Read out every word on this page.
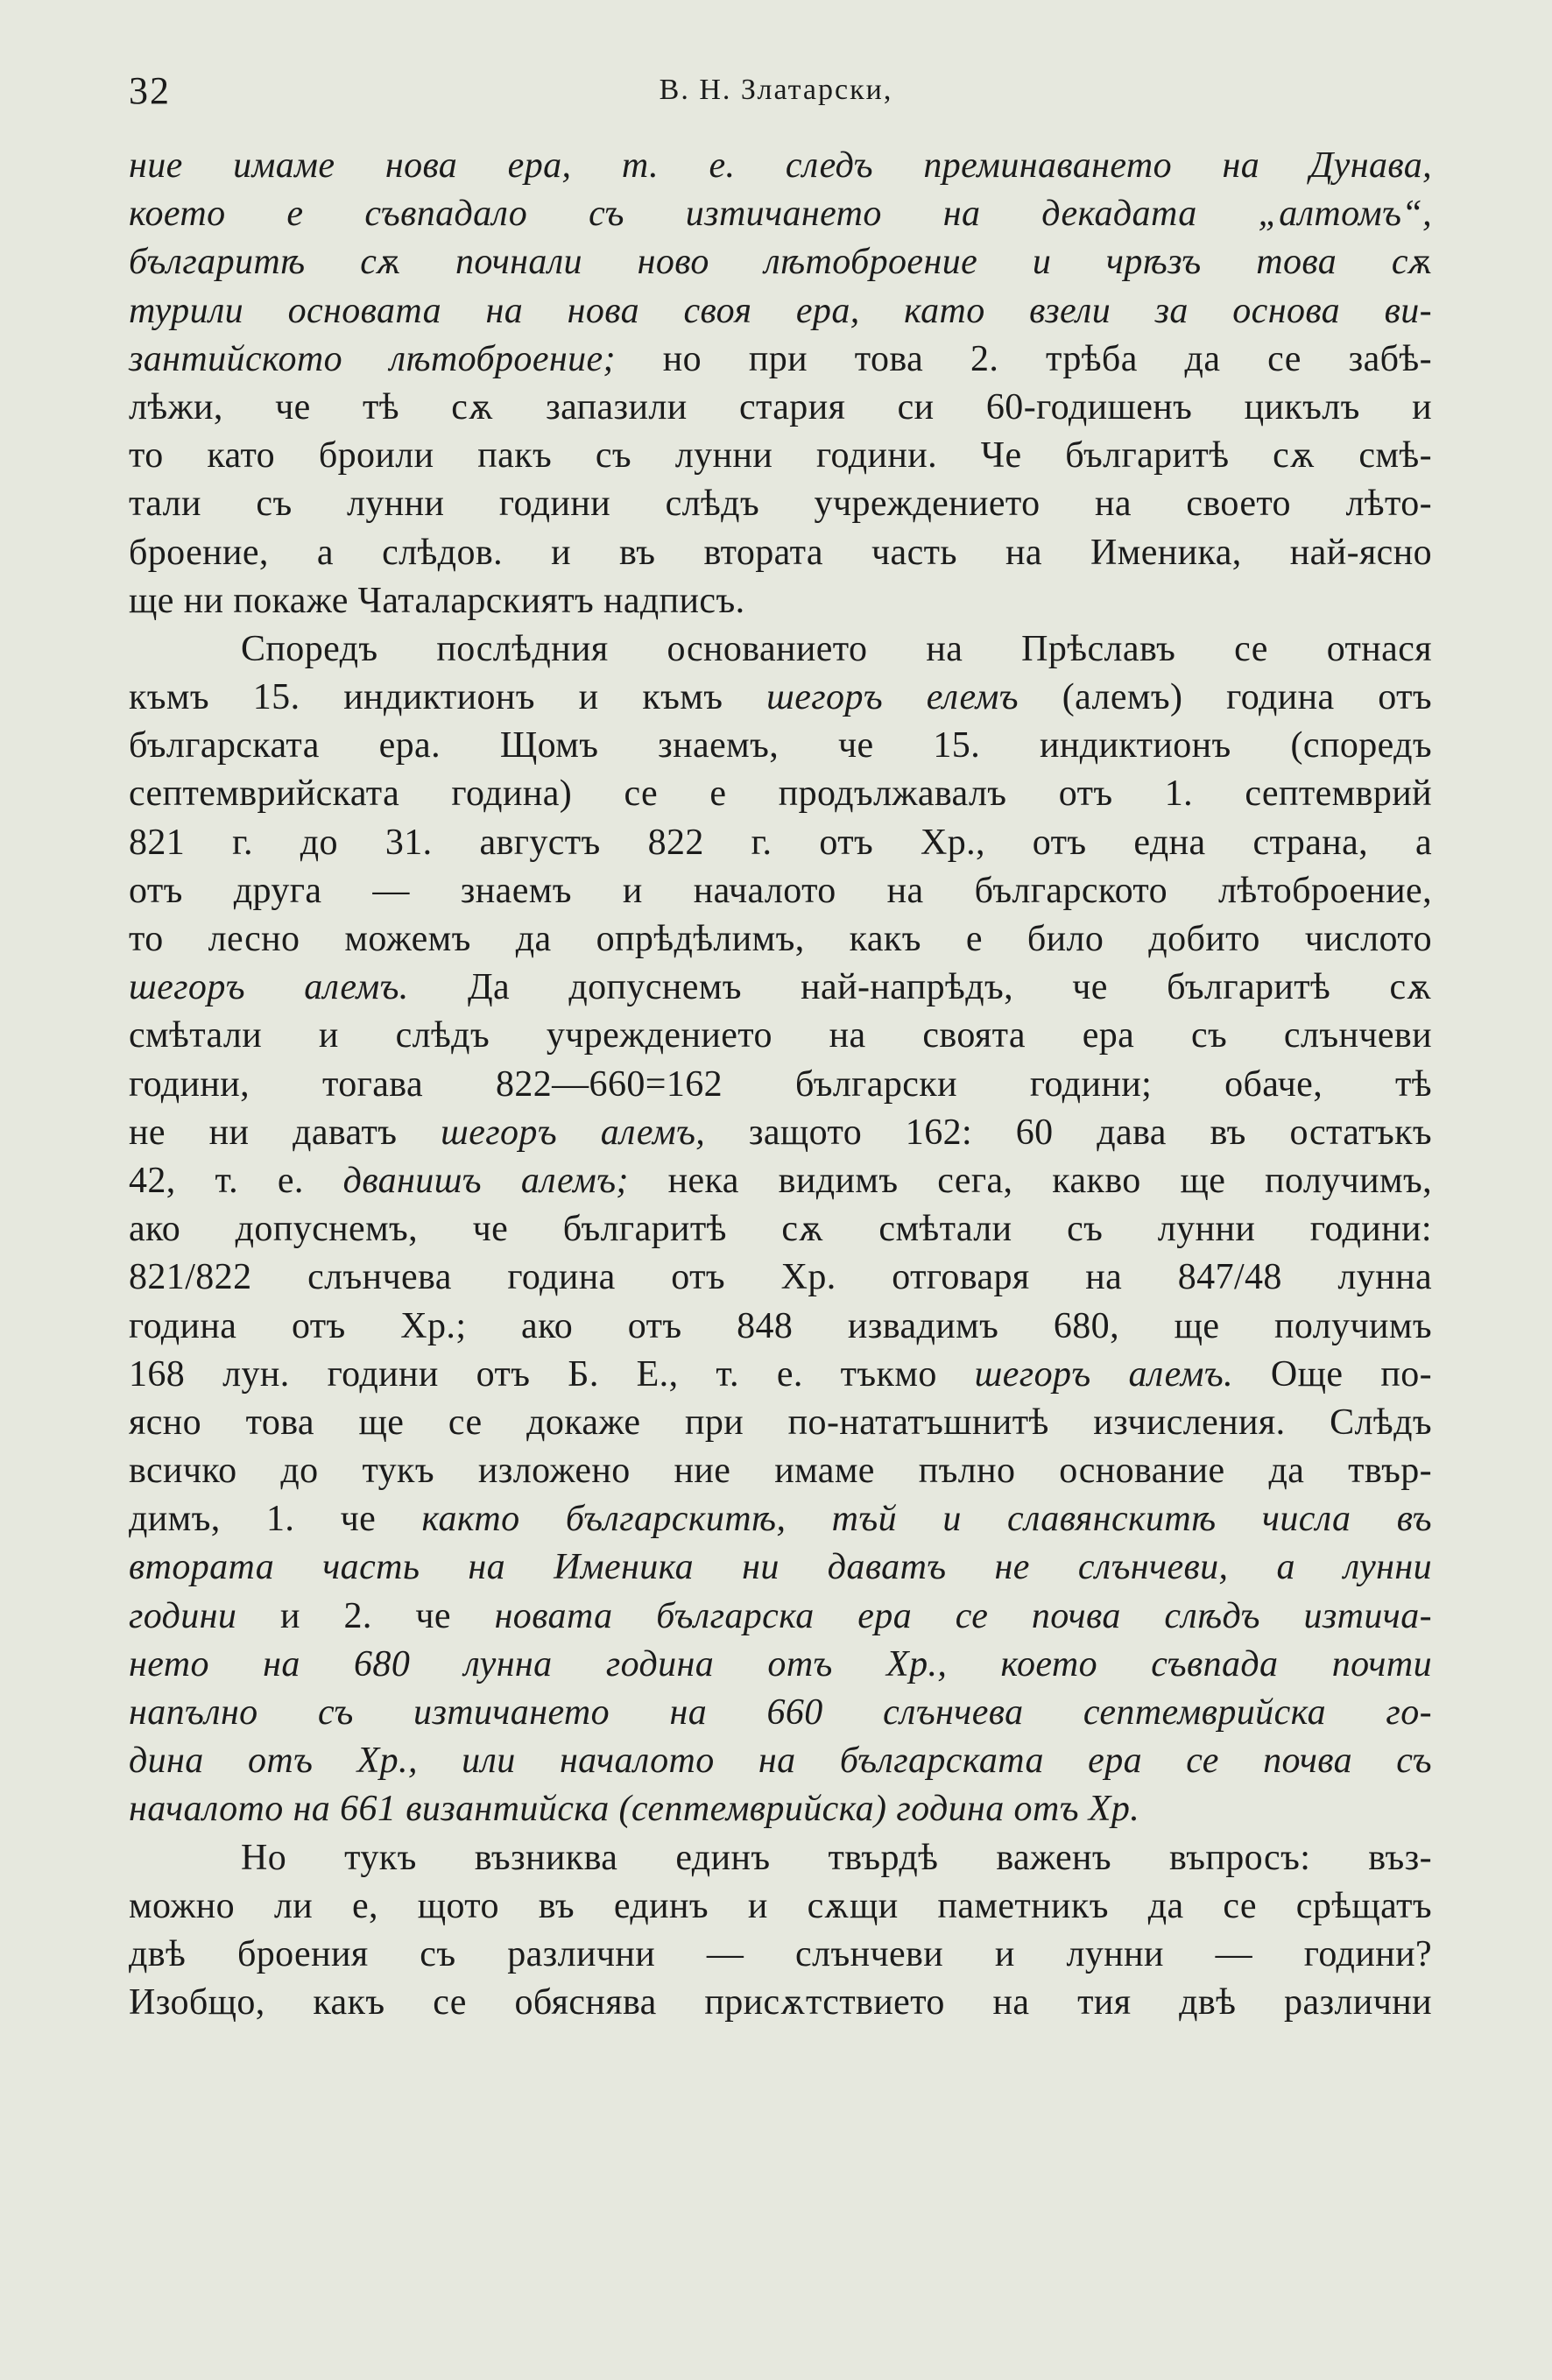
32	В. Н. Златарски,
ние имаме нова ера, т. е. следъ преминаването на Дунава,
което е съвпадало съ изтичането на декадата „алтомъ“,
българитѣ сѫ почнали ново лѣтоброение и чрѣзъ това сѫ
турили основата на нова своя ера, като взели за основа ви-
зантийското лѣтоброение; но при това 2. трѣба да се забѣ-
лѣжи, че тѣ сѫ запазили стария си 60-годишенъ цикълъ и
то като броили пакъ съ лунни години. Че българитѣ сѫ смѣ-
тали съ лунни години слѣдъ учреждението на своето лѣто-
броение, а слѣдов. и въ втората часть на Именика, най-ясно
ще ни покаже Чаталарскиятъ надписъ.
Споредъ послѣдния основанието на Прѣславъ се отнася
къмъ 15. индиктионъ и къмъ шегоръ елемъ (алемъ) година отъ
българската ера. Щомъ знаемъ, че 15. индиктионъ (споредъ
септемврийската година) се е продължавалъ отъ 1. септемврий
821 г. до 31. августъ 822 г. отъ Хр., отъ една страна, а
отъ друга — знаемъ и началото на българското лѣтоброение,
то лесно можемъ да опрѣдѣлимъ, какъ е било добито числото
шегоръ алемъ. Да допуснемъ най-напрѣдъ, че българитѣ сѫ
смѣтали и слѣдъ учреждението на своята ера съ слънчеви
години, тогава 822—660=162 български години; обаче, тѣ
не ни даватъ шегоръ алемъ, защото 162: 60 дава въ остатъкъ
42, т. е. дванишъ алемъ; нека видимъ сега, какво ще получимъ,
ако допуснемъ, че българитѣ сѫ смѣтали съ лунни години:
821/822 слънчева година отъ Хр. отговаря на 847/48 лунна
година отъ Хр.; ако отъ 848 извадимъ 680, ще получимъ
168 лун. години отъ Б. Е., т. е. тъкмо шегоръ алемъ. Още по-
ясно това ще се докаже при по-нататъшнитѣ изчисления. Слѣдъ
всичко до тукъ изложено ние имаме пълно основание да твър-
димъ, 1. че както българскитѣ, тъй и славянскитѣ числа въ
втората часть на Именика ни даватъ не слънчеви, а лунни
години и 2. че новата българска ера се почва слѣдъ изтича-
нето на 680 лунна година отъ Хр., което съвпада почти
напълно съ изтичането на 660 слънчева септемврийска го-
дина отъ Хр., или началото на българската ера се почва съ
началото на 661 византийска (септемврийска) година отъ Хр.
Но тукъ възниква единъ твърдѣ важенъ въпросъ: въз-
можно ли е, щото въ единъ и сѫщи паметникъ да се срѣщатъ
двѣ броения съ различни — слънчеви и лунни — години?
Изобщо, какъ се обяснява присѫтствието на тия двѣ различни
